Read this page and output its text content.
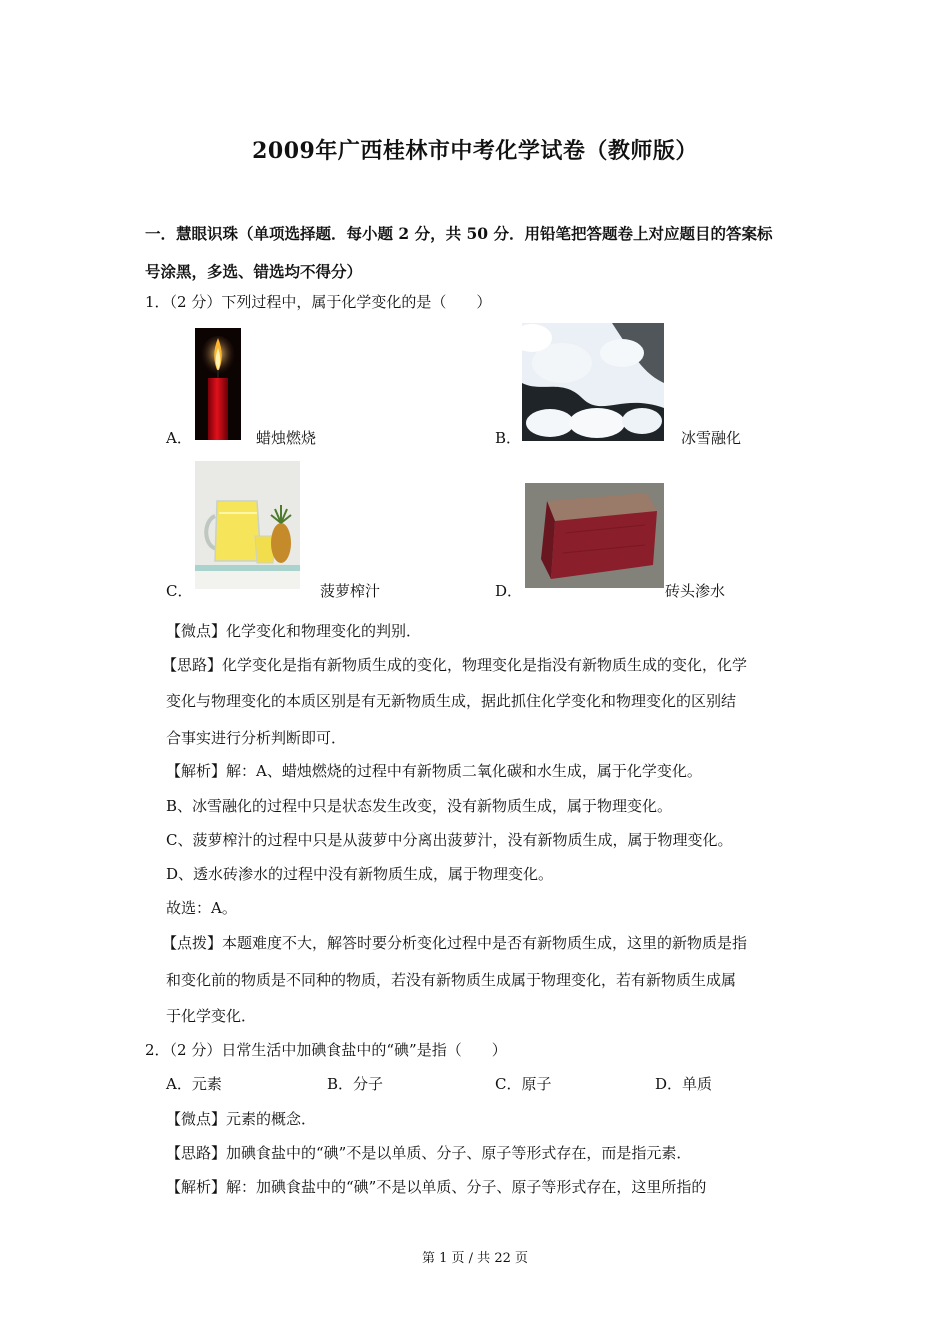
2009年广西桂林市中考化学试卷（教师版）
一．慧眼识珠（单项选择题．每小题 2 分，共 50 分．用铅笔把答题卷上对应题目的答案标
号涂黑，多选、错选均不得分）
1．（2 分）下列过程中，属于化学变化的是（　　）
A．	蜡烛燃烧	B．	冰雪融化
C．	菠萝榨汁	D．	砖头渗水
【微点】化学变化和物理变化的判别．
【思路】化学变化是指有新物质生成的变化，物理变化是指没有新物质生成的变化，化学
变化与物理变化的本质区别是有无新物质生成，据此抓住化学变化和物理变化的区别结
合事实进行分析判断即可．
【解析】解：A、蜡烛燃烧的过程中有新物质二氧化碳和水生成，属于化学变化。
B、冰雪融化的过程中只是状态发生改变，没有新物质生成，属于物理变化。
C、菠萝榨汁的过程中只是从菠萝中分离出菠萝汁，没有新物质生成，属于物理变化。
D、透水砖渗水的过程中没有新物质生成，属于物理变化。
故选：A。
【点拨】本题难度不大，解答时要分析变化过程中是否有新物质生成，这里的新物质是指
和变化前的物质是不同种的物质，若没有新物质生成属于物理变化，若有新物质生成属
于化学变化．
2．（2 分）日常生活中加碘食盐中的“碘”是指（　　）
A．元素	B．分子	C．原子	D．单质
【微点】元素的概念．
【思路】加碘食盐中的“碘”不是以单质、分子、原子等形式存在，而是指元素．
【解析】解：加碘食盐中的“碘”不是以单质、分子、原子等形式存在，这里所指的
第 1 页 / 共 22 页
